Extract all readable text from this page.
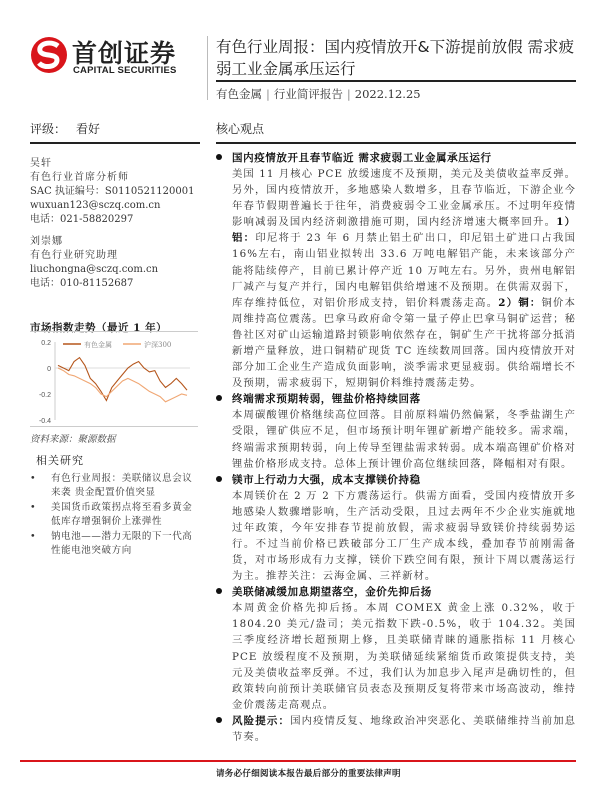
首创证券
CAPITAL SECURITIES
有色行业周报：国内疫情放开&下游提前放假 需求疲弱工业金属承压运行
有色金属 | 行业简评报告 | 2022.12.25
评级： 看好	核心观点
吴轩
有色行业首席分析师
SAC 执证编号：S0110521120001
wuxuan123@sczq.com.cn
电话：021-58820297
刘崇娜
有色行业研究助理
liuchongna@sczq.com.cn
电话：010-81152687
市场指数走势（最近 1 年）
0.2
0
-0.2
-0.4
有色金属	沪深300
资料来源：聚源数据
相关研究
• 有色行业周报：美联储议息会议来袭 贵金配置价值突显
• 美国货币政策拐点将至看多黄金 低库存增强铜价上涨弹性
• 钠电池——潜力无限的下一代高性能电池突破方向
国内疫情放开且春节临近 需求疲弱工业金属承压运行
美国 11 月核心 PCE 放缓速度不及预期，美元及美债收益率反弹。另外，国内疫情放开，多地感染人数增多，且春节临近，下游企业今年春节假期普遍长于往年，消费疲弱令工业金属承压。不过明年疫情影响减弱及国内经济刺激措施可期，国内经济增速大概率回升。1）铝：印尼将于 23 年 6 月禁止铝土矿出口，印尼铝土矿进口占我国 16%左右，南山铝业拟转出 33.6 万吨电解铝产能，未来该部分产能将陆续停产，目前已累计停产近 10 万吨左右。另外，贵州电解铝厂减产与复产并行，国内电解铝供给增速不及预期。在供需双弱下，库存维持低位，对铝价形成支持，铝价料震荡走高。2）铜：铜价本周维持高位震荡。巴拿马政府命令第一量子停止巴拿马铜矿运营；秘鲁社区对矿山运输道路封锁影响依然存在，铜矿生产干扰将部分抵消新增产量释放，进口铜精矿现货 TC 连续数周回落。国内疫情放开对部分加工企业生产造成负面影响，淡季需求更显疲弱。供给端增长不及预期，需求疲弱下，短期铜价料维持震荡走势。
终端需求预期转弱，锂盐价格持续回落
本周碳酸锂价格继续高位回落。目前原料端仍然偏紧，冬季盐湖生产受限，锂矿供应不足，但市场预计明年锂矿新增产能较多。需求端，终端需求预期转弱，向上传导至锂盐需求转弱。成本端高锂矿价格对锂盐价格形成支持。总体上预计锂价高位继续回落，降幅相对有限。
镁市上行动力大强，成本支撑镁价持稳
本周镁价在 2 万 2 下方震荡运行。供需方面看，受国内疫情放开多地感染人数骤增影响，生产活动受限，且过去两年不少企业实施就地过年政策，今年安排春节提前放假，需求疲弱导致镁价持续弱势运行。不过当前价格已跌破部分工厂生产成本线，叠加春节前刚需备货，对市场形成有力支撑，镁价下跌空间有限，预计下周以震荡运行为主。推荐关注：云海金属、三祥新材。
美联储减缓加息期望落空，金价先抑后扬
本周黄金价格先抑后扬。本周 COMEX 黄金上涨 0.32%，收于 1804.20 美元/盎司；美元指数下跌-0.5%，收于 104.32。美国三季度经济增长超预期上修，且美联储青睐的通胀指标 11 月核心 PCE 放缓程度不及预期，为美联储延续紧缩货币政策提供支持，美元及美债收益率反弹。不过，我们认为加息步入尾声是确切性的，但政策转向前预计美联储官员表态及预期反复将带来市场高波动，维持金价震荡走高观点。
风险提示：国内疫情反复、地缘政治冲突恶化、美联储维持当前加息节奏。
请务必仔细阅读本报告最后部分的重要法律声明
